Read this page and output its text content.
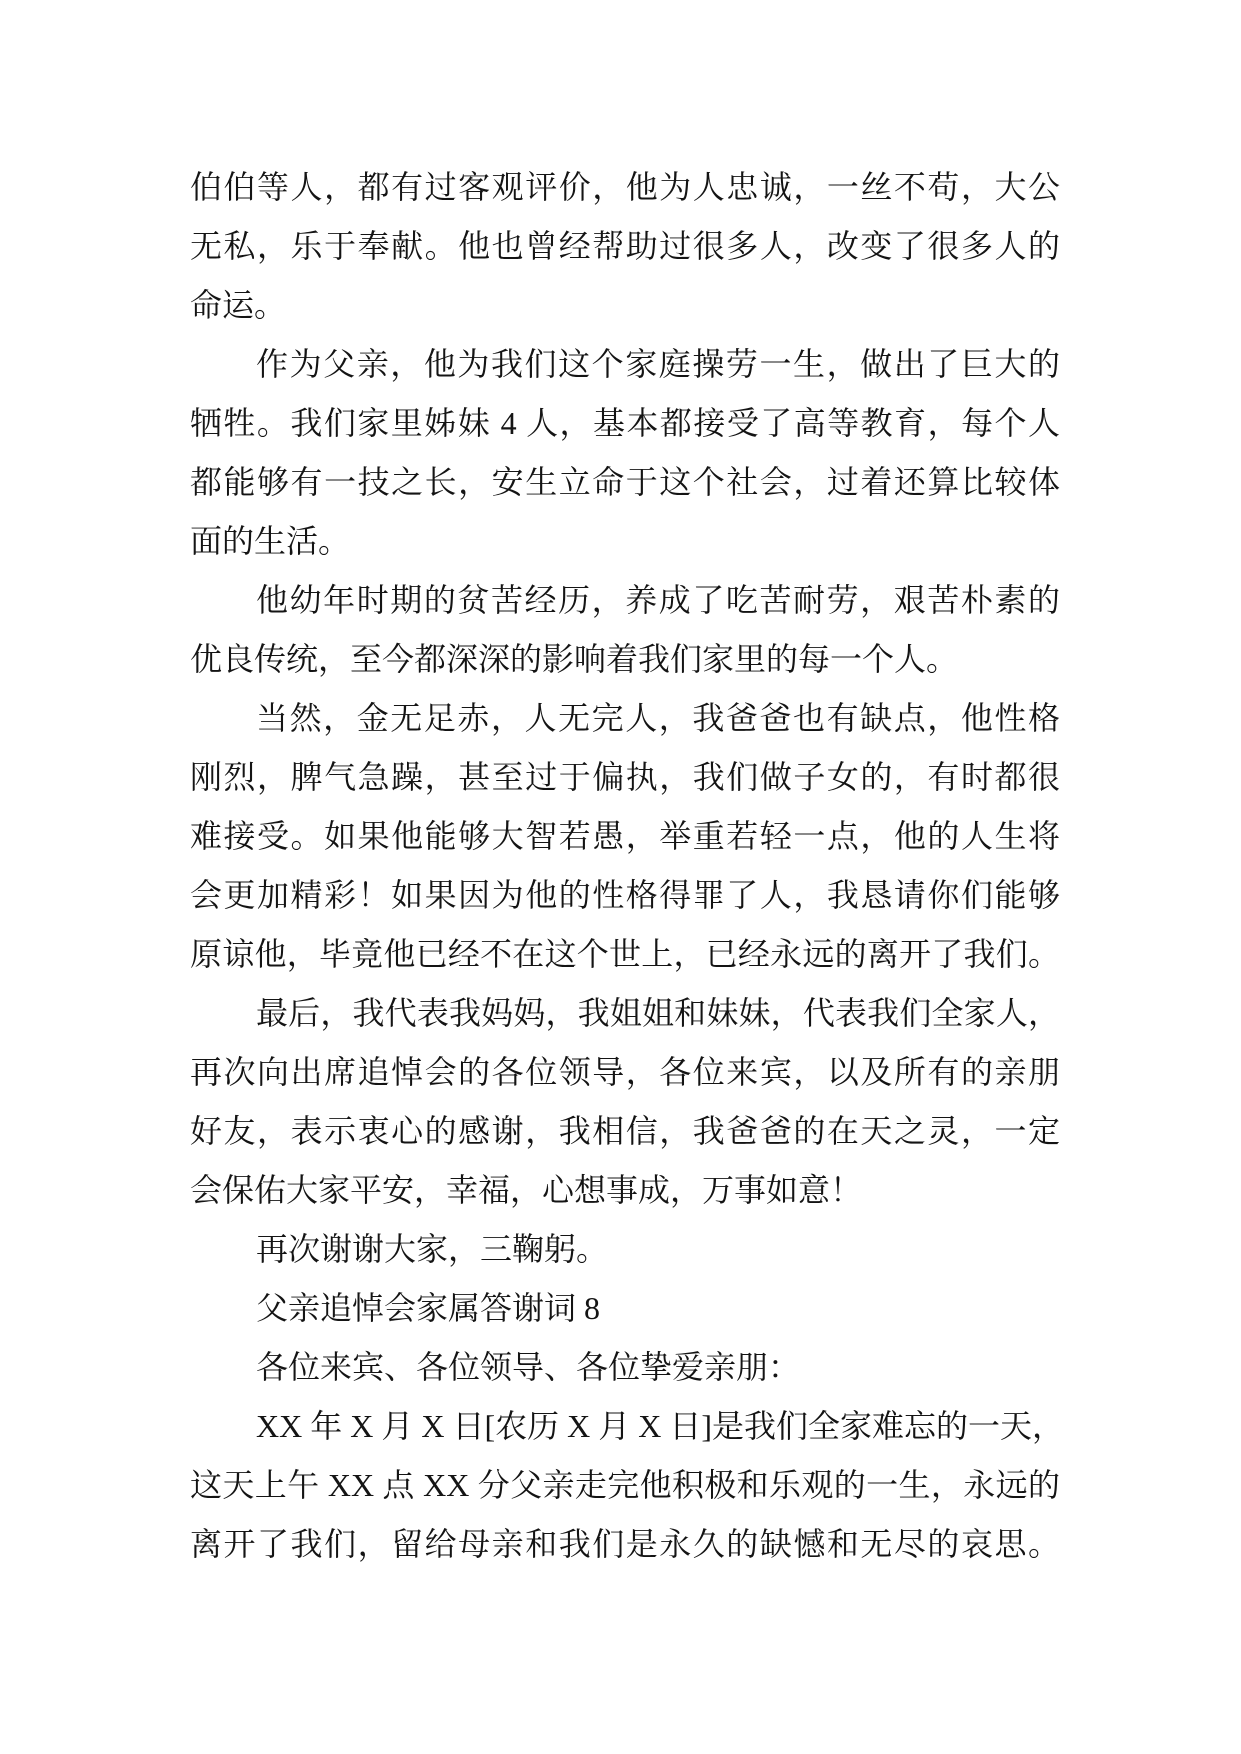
伯伯等人，都有过客观评价，他为人忠诚，一丝不苟，大公
无私，乐于奉献。他也曾经帮助过很多人，改变了很多人的
命运。
作为父亲，他为我们这个家庭操劳一生，做出了巨大的
牺牲。我们家里姊妹 4 人，基本都接受了高等教育，每个人
都能够有一技之长，安生立命于这个社会，过着还算比较体
面的生活。
他幼年时期的贫苦经历，养成了吃苦耐劳，艰苦朴素的
优良传统，至今都深深的影响着我们家里的每一个人。
当然，金无足赤，人无完人，我爸爸也有缺点，他性格
刚烈，脾气急躁，甚至过于偏执，我们做子女的，有时都很
难接受。如果他能够大智若愚，举重若轻一点，他的人生将
会更加精彩！如果因为他的性格得罪了人，我恳请你们能够
原谅他，毕竟他已经不在这个世上，已经永远的离开了我们。
最后，我代表我妈妈，我姐姐和妹妹，代表我们全家人，
再次向出席追悼会的各位领导，各位来宾，以及所有的亲朋
好友，表示衷心的感谢，我相信，我爸爸的在天之灵，一定
会保佑大家平安，幸福，心想事成，万事如意！
再次谢谢大家，三鞠躬。
父亲追悼会家属答谢词 8
各位来宾、各位领导、各位挚爱亲朋：
XX 年 X 月 X 日[农历 X 月 X 日]是我们全家难忘的一天，
这天上午 XX 点 XX 分父亲走完他积极和乐观的一生，永远的
离开了我们，留给母亲和我们是永久的缺憾和无尽的哀思。
